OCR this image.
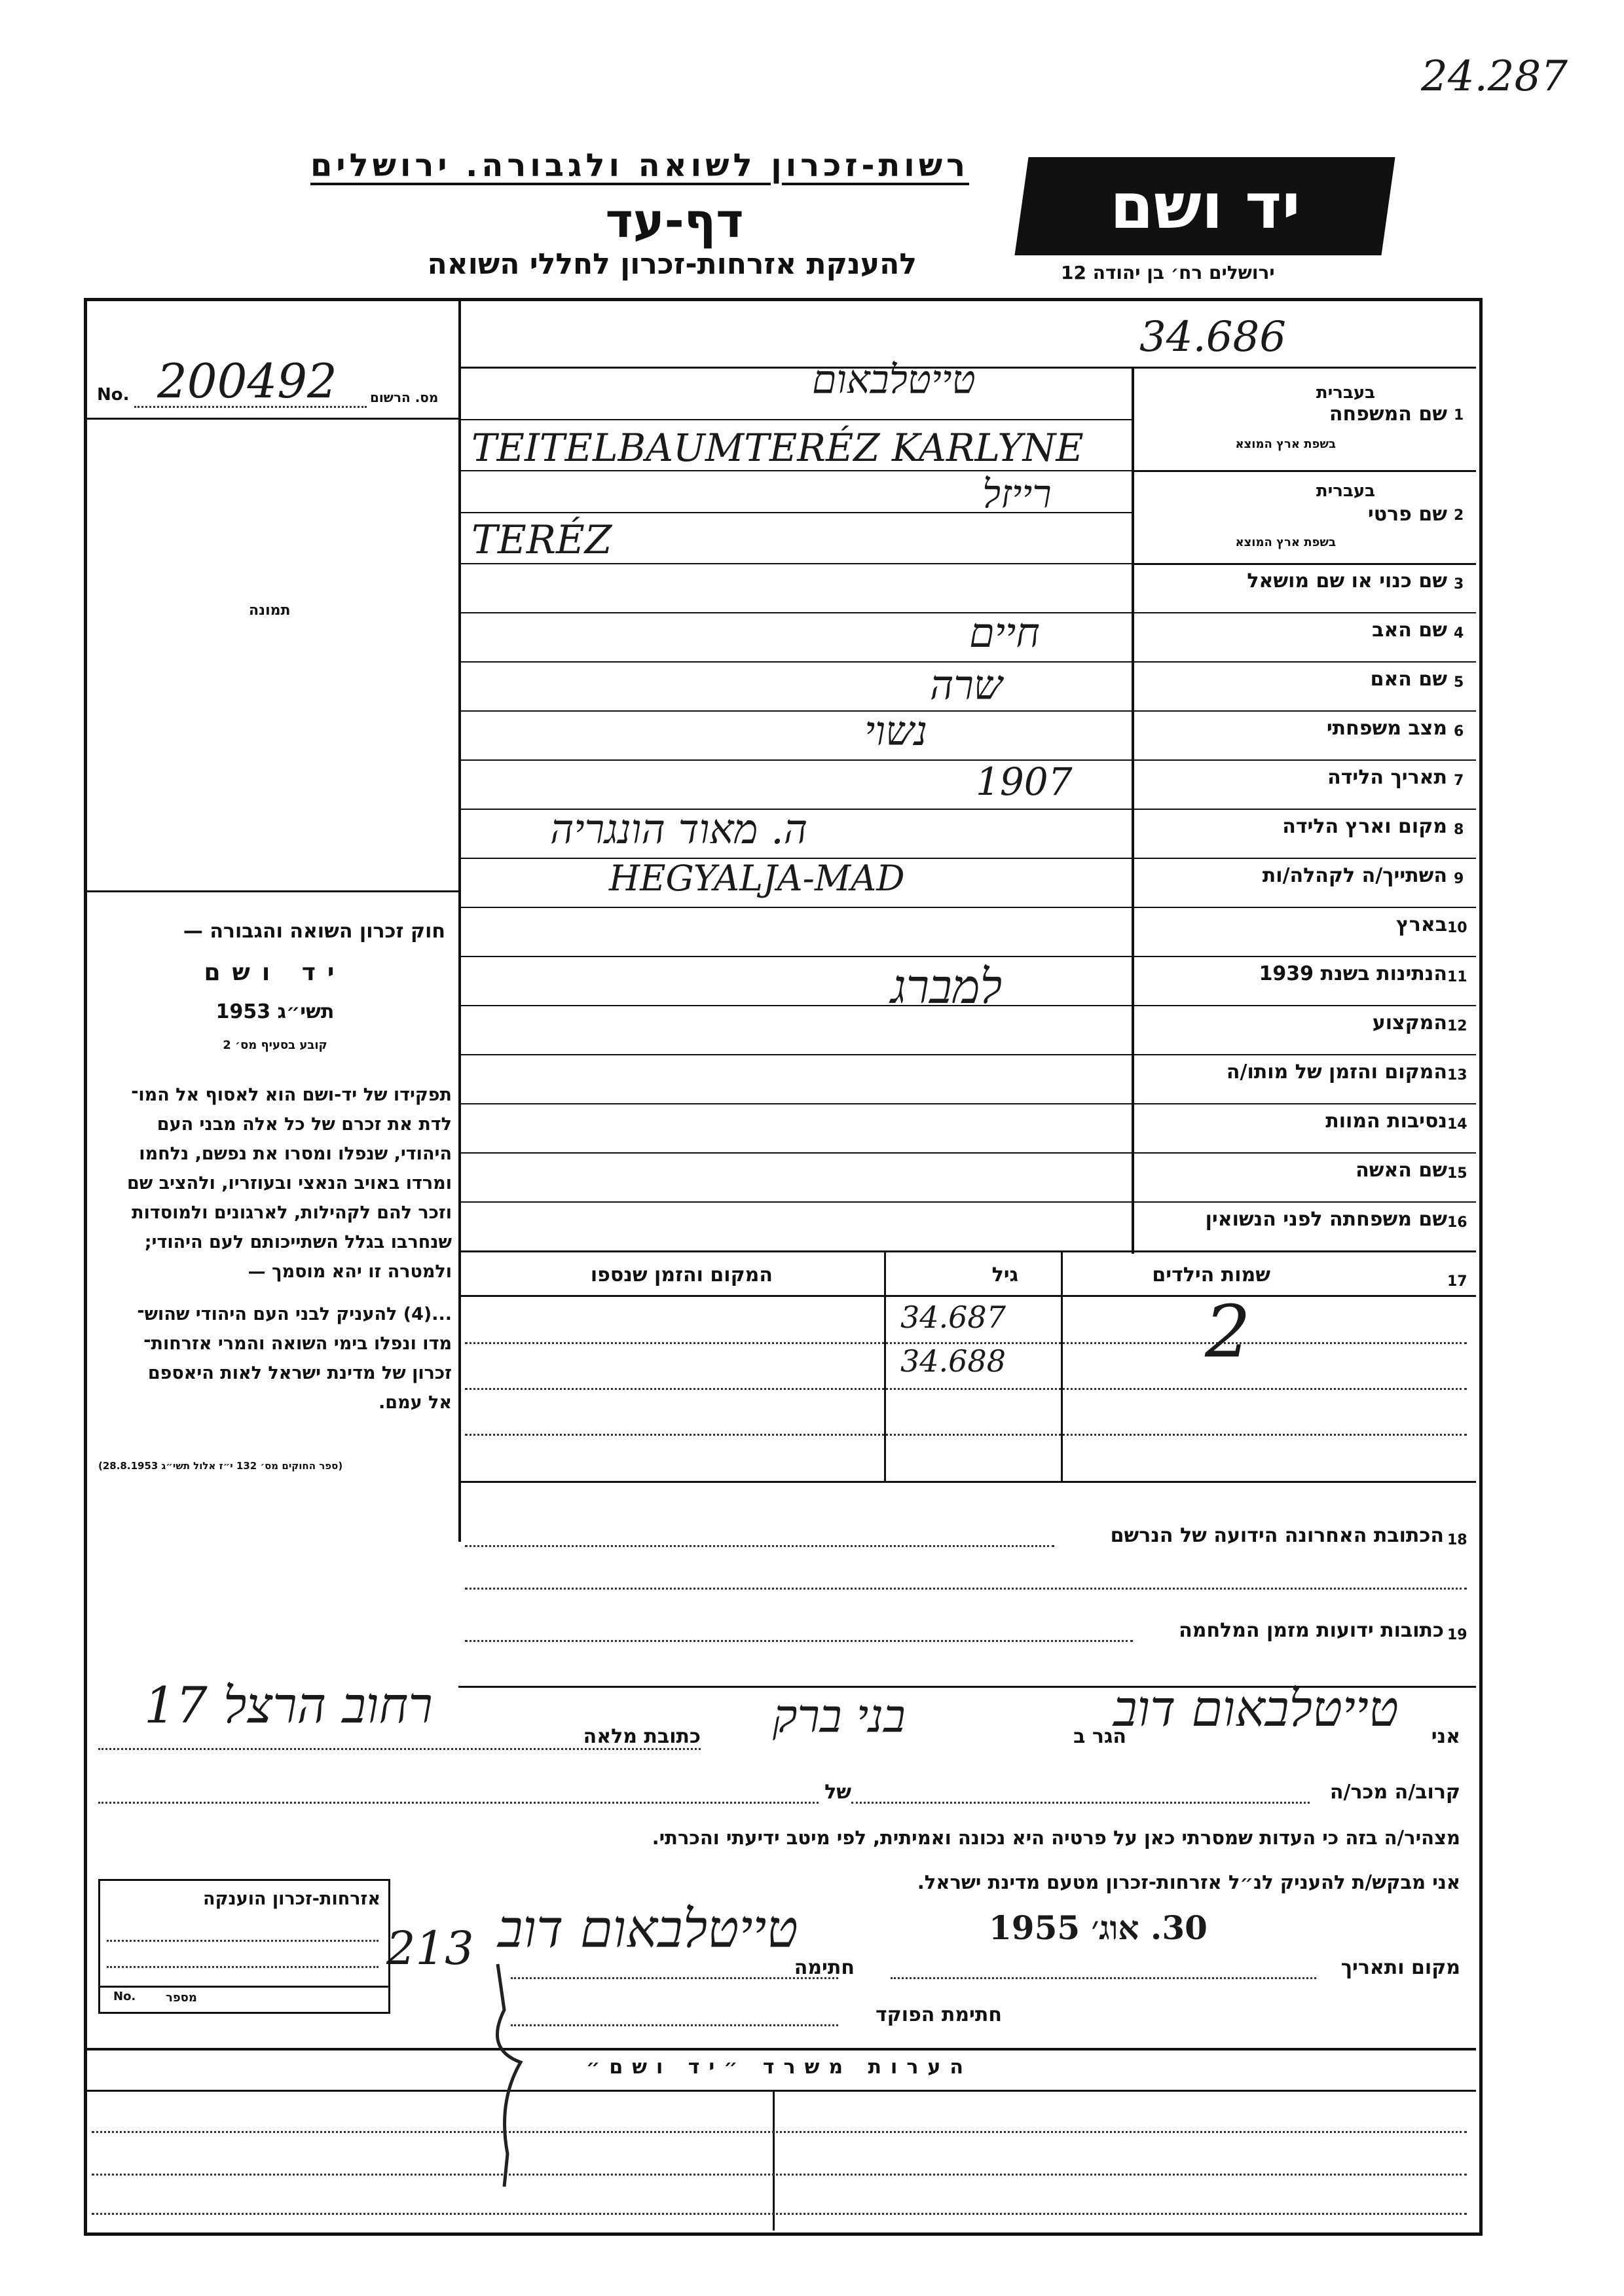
24.287
רשות-זכרון לשואה ולגבורה. ירושלים
דף-עד
להענקת אזרחות-זכרון לחללי השואה
יד ושם
ירושלים רח׳ בן יהודה 12
34.686
No. 200492	מס. הרשום
תמונה
חוק זכרון השואה והגבורה —
יד ושם
תשי״ג 1953
קובע בסעיף מס׳ 2
תפקידו של יד-ושם הוא לאסוף אל המו־
לדת את זכרם של כל אלה מבני העם
היהודי, שנפלו ומסרו את נפשם, נלחמו
ומרדו באויב הנאצי ובעוזריו, ולהציב שם
וזכר להם לקהילות, לארגונים ולמוסדות
שנחרבו בגלל השתייכותם לעם היהודי;
ולמטרה זו יהא מוסמך —
...(4) להעניק לבני העם היהודי שהוש־
מדו ונפלו בימי השואה והמרי אזרחות־
זכרון של מדינת ישראל לאות היאספם
אל עמם.
(ספר החוקים מס׳ 132 י״ז אלול תשי״ג 28.8.1953)
1
שם המשפחה
בעברית
בשפת ארץ המוצא
טייטלבאום
TEITELBAUMTERÉZ KARLYNE
2
שם פרטי
בעברית
בשפת ארץ המוצא
רייזל
TERÉZ
3
שם כנוי או שם מושאל
4
שם האב
חיים
5
שם האם
שרה
6
מצב משפחתי
נשוי
7
תאריך הלידה
1907
8
מקום וארץ הלידה
ה. מאוד הונגריה
9
השתייך/ה לקהלה/ות
HEGYALJA-MAD
10
בארץ
11
הנתינות בשנת 1939
12
המקצוע
למברג
13
המקום והזמן של מותו/ה
14
נסיבות המוות
15
שם האשה
16
שם משפחתה לפני הנשואין
17
שמות הילדים
גיל
המקום והזמן שנספו
2
34.687
34.688
18
הכתובת האחרונה הידועה של הנרשם
19
כתובות ידועות מזמן המלחמה
אני
טייטלבאום דוב
הגר ב
בני ברק
כתובת מלאה
רחוב הרצל 17
קרוב/ה מכר/ה
של
מצהיר/ה בזה כי העדות שמסרתי כאן על פרטיה היא נכונה ואמיתית, לפי מיטב ידיעתי והכרתי.
אני מבקש/ת להעניק לנ״ל אזרחות-זכרון מטעם מדינת ישראל.
מקום ותאריך
30. אוג׳ 1955
חתימה
טייטלבאום דוב
213
חתימת הפוקד
אזרחות-זכרון הוענקה
מספר
No.
הערות משרד ״יד ושם״
